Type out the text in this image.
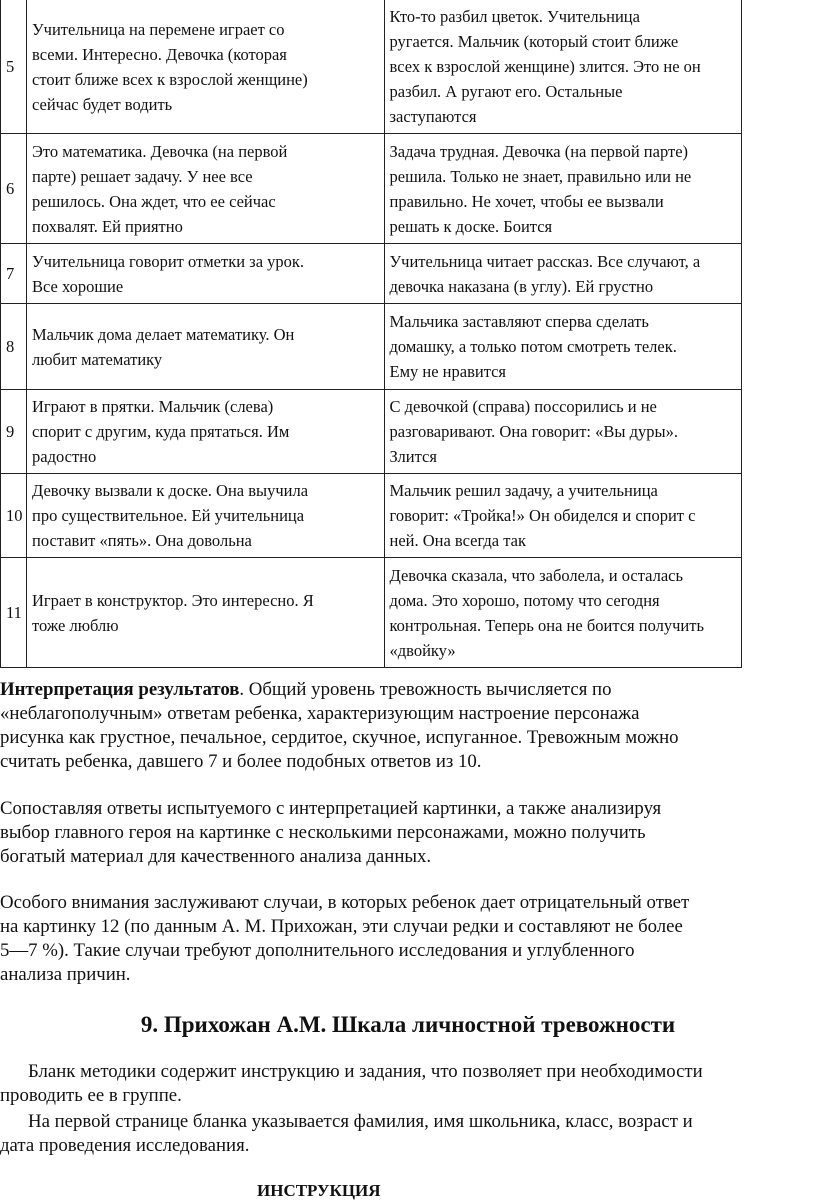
5	Учительница на перемене играет со
всеми. Интересно. Девочка (которая
стоит ближе всех к взрослой женщине)
сейчас будет водить	Кто-то разбил цветок. Учительница
ругается. Мальчик (который стоит ближе
всех к взрослой женщине) злится. Это не он
разбил. А ругают его. Остальные
заступаются
6	Это математика. Девочка (на первой
парте) решает задачу. У нее все
решилось. Она ждет, что ее сейчас
похвалят. Ей приятно	Задача трудная. Девочка (на первой парте)
решила. Только не знает, правильно или не
правильно. Не хочет, чтобы ее вызвали
решать к доске. Боится
7	Учительница говорит отметки за урок.
Все хорошие	Учительница читает рассказ. Все случают, а
девочка наказана (в углу). Ей грустно
8	Мальчик дома делает математику. Он
любит математику	Мальчика заставляют сперва сделать
домашку, а только потом смотреть телек.
Ему не нравится
9	Играют в прятки. Мальчик (слева)
спорит с другим, куда прятаться. Им
радостно	С девочкой (справа) поссорились и не
разговаривают. Она говорит: «Вы дуры».
Злится
10	Девочку вызвали к доске. Она выучила
про существительное. Ей учительница
поставит «пять». Она довольна	Мальчик решил задачу, а учительница
говорит: «Тройка!» Он обиделся и спорит с
ней. Она всегда так
11	Играет в конструктор. Это интересно. Я
тоже люблю	Девочка сказала, что заболела, и осталась
дома. Это хорошо, потому что сегодня
контрольная. Теперь она не боится получить
«двойку»

Интерпретация результатов. Общий уровень тревожность вычисляется по
«неблагополучным» ответам ребенка, характеризующим настроение персонажа
рисунка как грустное, печальное, сердитое, скучное, испуганное. Тревожным можно
считать ребенка, давшего 7 и более подобных ответов из 10.

Сопоставляя ответы испытуемого с интерпретацией картинки, а также анализируя
выбор главного героя на картинке с несколькими персонажами, можно получить
богатый материал для качественного анализа данных.

Особого внимания заслуживают случаи, в которых ребенок дает отрицательный ответ
на картинку 12 (по данным А. М. Прихожан, эти случаи редки и составляют не более
5—7 %). Такие случаи требуют дополнительного исследования и углубленного
анализа причин.

9. Прихожан А.М. Шкала личностной тревожности

Бланк методики содержит инструкцию и задания, что позволяет при необходимости
проводить ее в группе.

На первой странице бланка указывается фамилия, имя школьника, класс, возраст и
дата проведения исследования.

ИНСТРУКЦИЯ
